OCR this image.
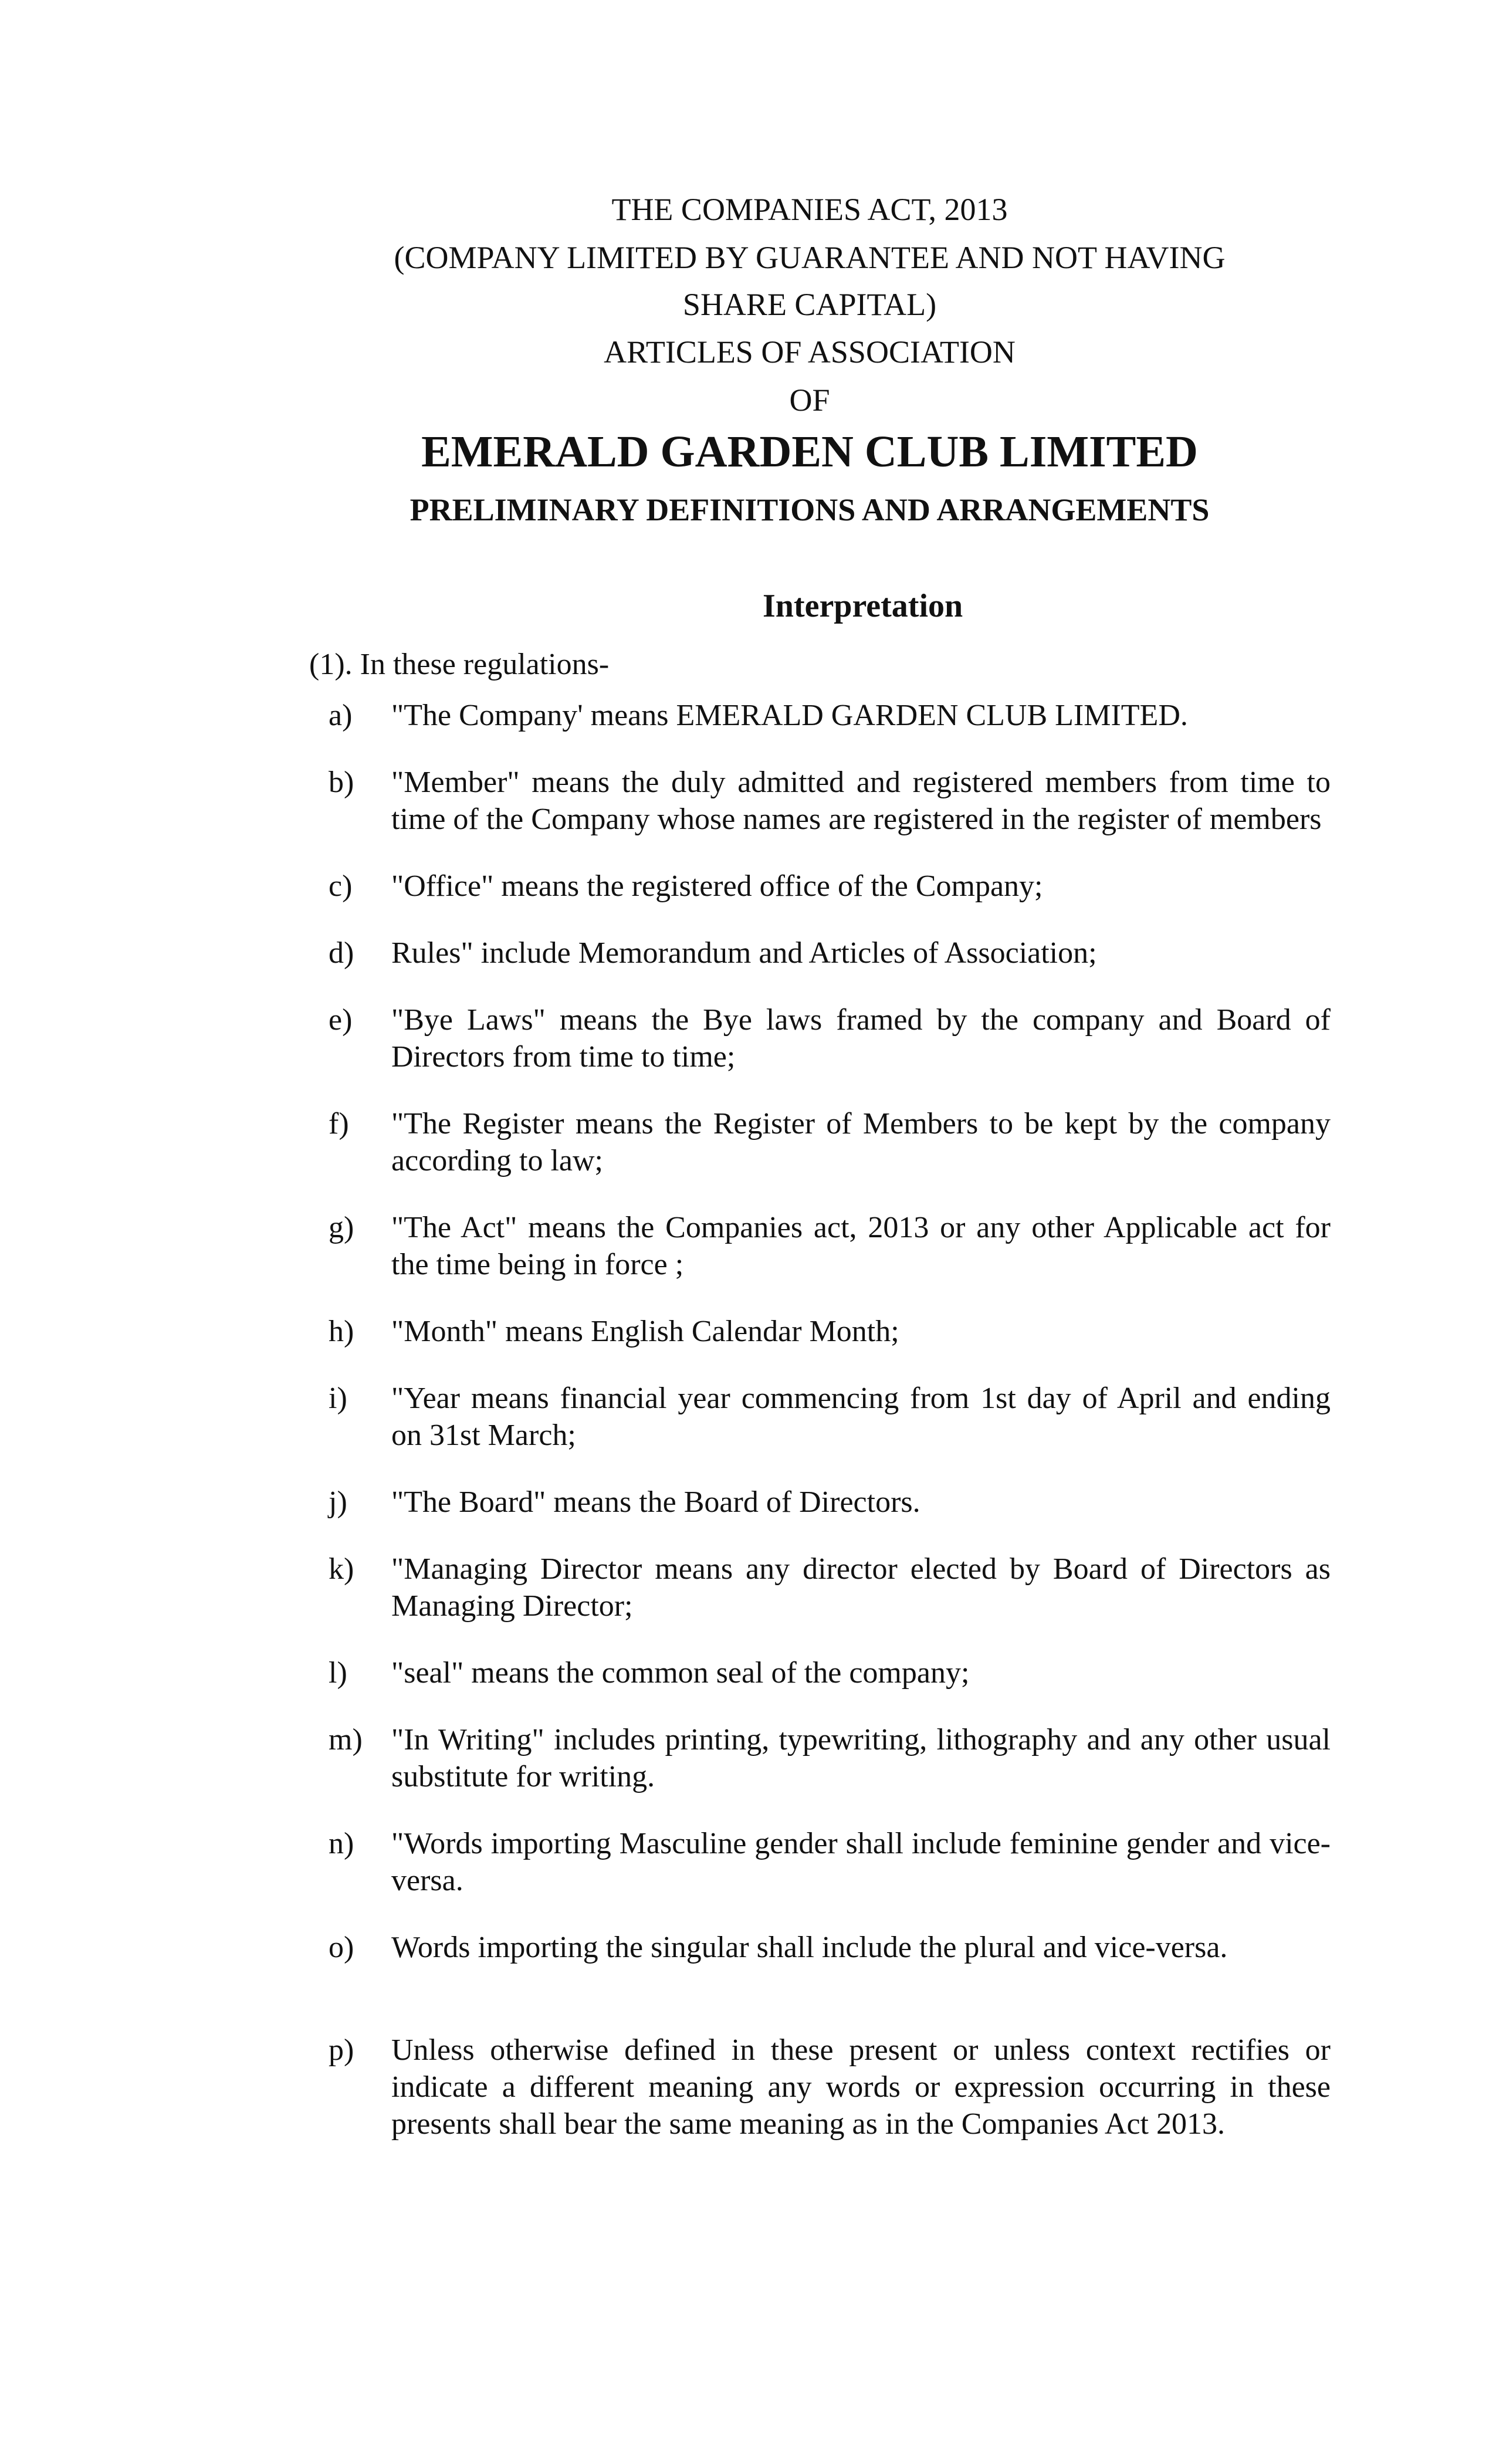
THE COMPANIES ACT, 2013
(COMPANY LIMITED BY GUARANTEE AND NOT HAVING
SHARE CAPITAL)
ARTICLES OF ASSOCIATION
OF
EMERALD GARDEN CLUB LIMITED
PRELIMINARY DEFINITIONS AND ARRANGEMENTS
Interpretation
(1). In these regulations-
a)	"The Company' means EMERALD GARDEN CLUB LIMITED.
b)	"Member" means the duly admitted and registered members from time to time of the Company whose names are registered in the register of members
c)	"Office" means the registered office of the Company;
d)	Rules" include Memorandum and Articles of Association;
e)	"Bye Laws" means the Bye laws framed by the company and Board of Directors from time to time;
f)	"The Register means the Register of Members to be kept by the company according to law;
g)	"The Act" means the Companies act, 2013 or any other Applicable act for the time being in force ;
h)	"Month" means English Calendar Month;
i)	"Year means financial year commencing from 1st day of April and ending on 31st March;
j)	"The Board" means the Board of Directors.
k)	"Managing Director means any director elected by Board of Directors as Managing Director;
l)	"seal" means the common seal of the company;
m) "In Writing" includes printing, typewriting, lithography and any other usual substitute for writing.
n)	"Words importing Masculine gender shall include feminine gender and vice- versa.
o)	Words importing the singular shall include the plural and vice-versa.
p)	Unless otherwise defined in these present or unless context rectifies or indicate a different meaning any words or expression occurring in these presents shall bear the same meaning as in the Companies Act 2013.
